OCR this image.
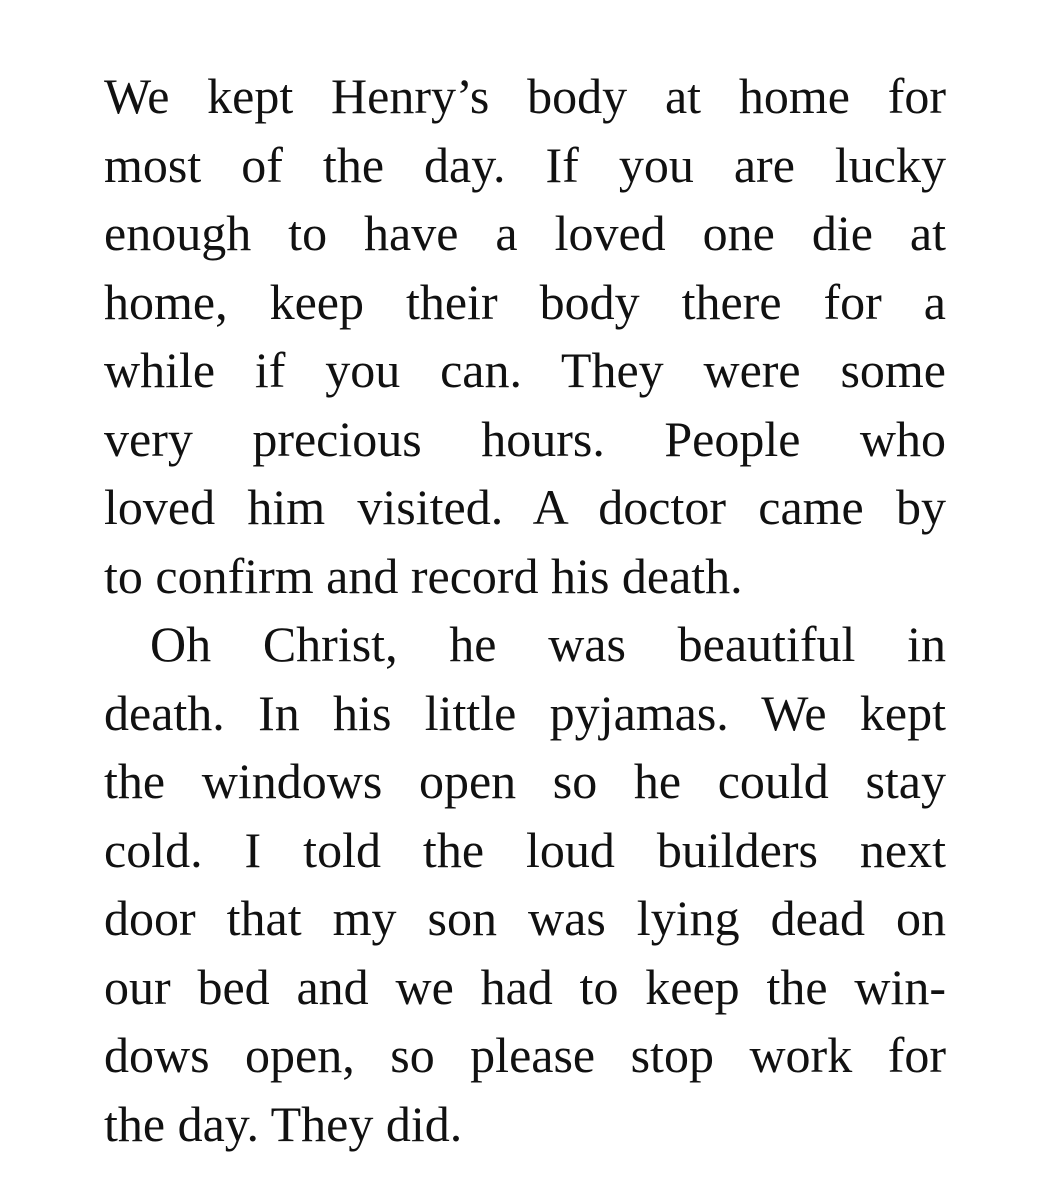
We kept Henry’s body at home for
most of the day. If you are lucky
enough to have a loved one die at
home, keep their body there for a
while if you can. They were some
very precious hours. People who
loved him visited. A doctor came by
to confirm and record his death.
Oh Christ, he was beautiful in
death. In his little pyjamas. We kept
the windows open so he could stay
cold. I told the loud builders next
door that my son was lying dead on
our bed and we had to keep the win-
dows open, so please stop work for
the day. They did.
